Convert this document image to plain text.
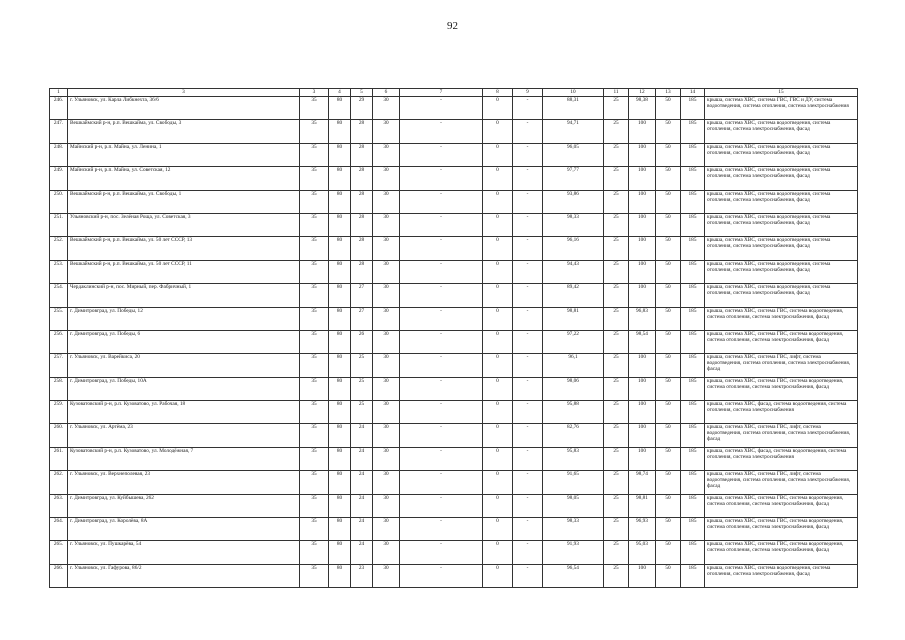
92
1	3	3	4	5	6	7	8	9	10	11	12	13	14	15
246.	г. Ульяновск, ул. Карла Либкнехта, 36/6	35	80	29	30	-	0	-	88,31	25	98,38	50	185	крыша, система ХВС, система ГВС, ГВС и ДУ, система водоотведения, система отопления, система электроснабжения
247.	Вешкаймский р-н, р.п. Вешкайма, ул. Свободы, 3	35	80	28	30	-	0	-	94,71	25	100	50	185	крыша, система ХВС, система водоотведения, система отопления, система электроснабжения, фасад
248.	Майнский р-н, р.п. Майна, ул. Ленина, 1	35	80	28	30	-	0	-	96,05	25	100	50	185	крыша, система ХВС, система водоотведения, система отопления, система электроснабжения, фасад
249.	Майнский р-н, р.п. Майна, ул. Советская, 12	35	80	28	30	-	0	-	97,77	25	100	50	185	крыша, система ХВС, система водоотведения, система отопления, система электроснабжения, фасад
250.	Вешкаймский р-н, р.п. Вешкайма, ул. Свободы, 1	35	80	28	30	-	0	-	93,86	25	100	50	185	крыша, система ХВС, система водоотведения, система отопления, система электроснабжения, фасад
251.	Ульяновский р-н, пос. Зелёная Роща, ул. Советская, 3	35	80	28	30	-	0	-	98,33	25	100	50	185	крыша, система ХВС, система водоотведения, система отопления, система электроснабжения, фасад
252.	Вешкаймский р-н, р.п. Вешкайма, ул. 50 лет СССР, 13	35	80	28	30	-	0	-	96,16	25	100	50	185	крыша, система ХВС, система водоотведения, система отопления, система электроснабжения, фасад
253.	Вешкаймский р-н, р.п. Вешкайма, ул. 50 лет СССР, 11	35	80	28	30	-	0	-	94,43	25	100	50	185	крыша, система ХВС, система водоотведения, система отопления, система электроснабжения, фасад
254.	Чердаклинский р-н, пос. Мирный, пер. Фабричный, 1	35	80	27	30	-	0	-	89,42	25	100	50	185	крыша, система ХВС, система водоотведения, система отопления, система электроснабжения, фасад
255.	г. Димитровград, ул. Победы, 12	35	80	27	30	-	0	-	98,81	25	96,83	50	185	крыша, система ХВС, система ГВС, система водоотведения, система отопления, система электроснабжения, фасад
256.	г. Димитровград, ул. Победы, 6	35	80	26	30	-	0	-	97,22	25	98,54	50	185	крыша, система ХВС, система ГВС, система водоотведения, система отопления, система электроснабжения, фасад
257.	г. Ульяновск, ул. Варейкиса, 20	35	80	25	30	-	0	-	96,1	25	100	50	185	крыша, система ХВС, система ГВС, лифт, система водоотведения, система отопления, система электроснабжения, фасад
258.	г. Димитровград, ул. Победы, 10А	35	80	25	30	-	0	-	98,06	25	100	50	185	крыша, система ХВС, система ГВС, система водоотведения, система отопления, система электроснабжения, фасад
259.	Кузоватовский р-н, р.п. Кузоватово, ул. Рабочая, 18	35	80	25	30	-	0	-	95,88	25	100	50	185	крыша, система ХВС, фасад, система водоотведения, система отопления, система электроснабжения
260.	г. Ульяновск, ул. Артёма, 23	35	80	24	30	-	0	-	82,76	25	100	50	185	крыша, система ХВС, система ГВС, лифт, система водоотведения, система отопления, система электроснабжения, фасад
261.	Кузоватовский р-н, р.п. Кузоватово, ул. Молодёжная, 7	35	80	24	30	-	0	-	95,83	25	100	50	185	крыша, система ХВС, фасад, система водоотведения, система отопления, система электроснабжения
262.	г. Ульяновск, ул. Верхнеполевая, 23	35	80	24	30	-	0	-	91,65	25	98,74	50	185	крыша, система ХВС, система ГВС, лифт, система водоотведения, система отопления, система электроснабжения, фасад
263.	г. Димитровград, ул. Куйбышева, 262	35	80	24	30	-	0	-	98,05	25	98,81	50	185	крыша, система ХВС, система ГВС, система водоотведения, система отопления, система электроснабжения, фасад
264.	г. Димитровград, ул. Королёва, 8А	35	80	24	30	-	0	-	98,33	25	96,93	50	185	крыша, система ХВС, система ГВС, система водоотведения, система отопления, система электроснабжения, фасад
265.	г. Ульяновск, ул. Пушкарёва, 54	35	80	24	30	-	0	-	91,93	25	95,03	50	185	крыша, система ХВС, система ГВС, система водоотведения, система отопления, система электроснабжения, фасад
266.	г. Ульяновск, ул. Гафурова, 86/2	35	80	23	30	-	0	-	96,54	25	100	50	185	крыша, система ХВС, система водоотведения, система отопления, система электроснабжения, фасад
